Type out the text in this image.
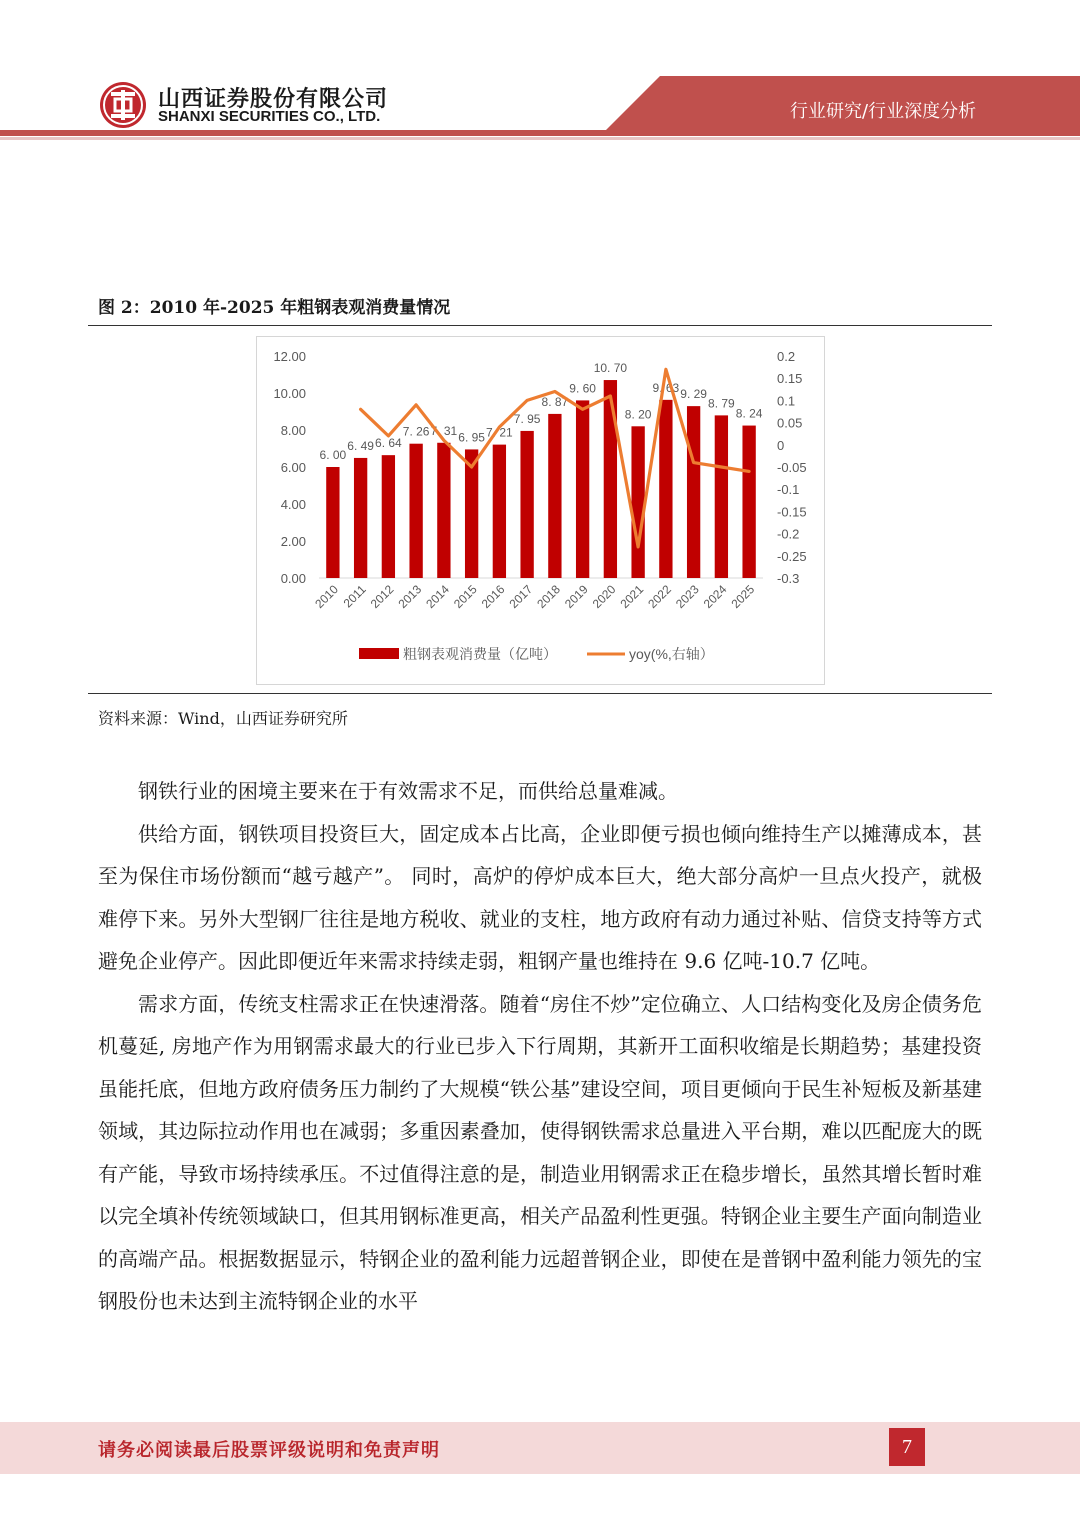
山西证券股份有限公司
SHANXI SECURITIES CO., LTD.	行业研究/行业深度分析
图 2：2010 年-2025 年粗钢表观消费量情况
0.00
2.00
4.00
6.00
8.00
10.00
12.00
-0.3
-0.25
-0.2
-0.15
-0.1
-0.05
0
0.05
0.1
0.15
0.2
6. 00
6. 49 6. 64
7. 26 7. 31 6. 95 7. 21
7. 95
8. 87
9. 60
10. 70
8. 20
9. 63 9. 29
8. 79
8. 24
2010 2011
2012
2013
2014
2015
2016
2017
2018
2019
2020
2021
2022
2023
2024
2025
粗钢表观消费量（亿吨）	yoy(%,右轴）
资料来源：Wind，山西证券研究所

钢铁行业的困境主要来在于有效需求不足，而供给总量难减。

供给方面，钢铁项目投资巨大，固定成本占比高，企业即便亏损也倾向维持生产以摊薄成本，甚至为保住市场份额而“越亏越产”。 同时，高炉的停炉成本巨大，绝大部分高炉一旦点火投产，就极难停下来。另外大型钢厂往往是地方税收、就业的支柱，地方政府有动力通过补贴、信贷支持等方式避免企业停产。因此即便近年来需求持续走弱，粗钢产量也维持在 9.6 亿吨-10.7 亿吨。

需求方面，传统支柱需求正在快速滑落。随着“房住不炒”定位确立、人口结构变化及房企债务危机蔓延, 房地产作为用钢需求最大的行业已步入下行周期，其新开工面积收缩是长期趋势；基建投资虽能托底，但地方政府债务压力制约了大规模“铁公基”建设空间，项目更倾向于民生补短板及新基建领域，其边际拉动作用也在减弱；多重因素叠加，使得钢铁需求总量进入平台期，难以匹配庞大的既有产能，导致市场持续承压。不过值得注意的是，制造业用钢需求正在稳步增长，虽然其增长暂时难以完全填补传统领域缺口，但其用钢标准更高，相关产品盈利性更强。特钢企业主要生产面向制造业的高端产品。根据数据显示，特钢企业的盈利能力远超普钢企业，即使在是普钢中盈利能力领先的宝钢股份也未达到主流特钢企业的水平

请务必阅读最后股票评级说明和免责声明	7
